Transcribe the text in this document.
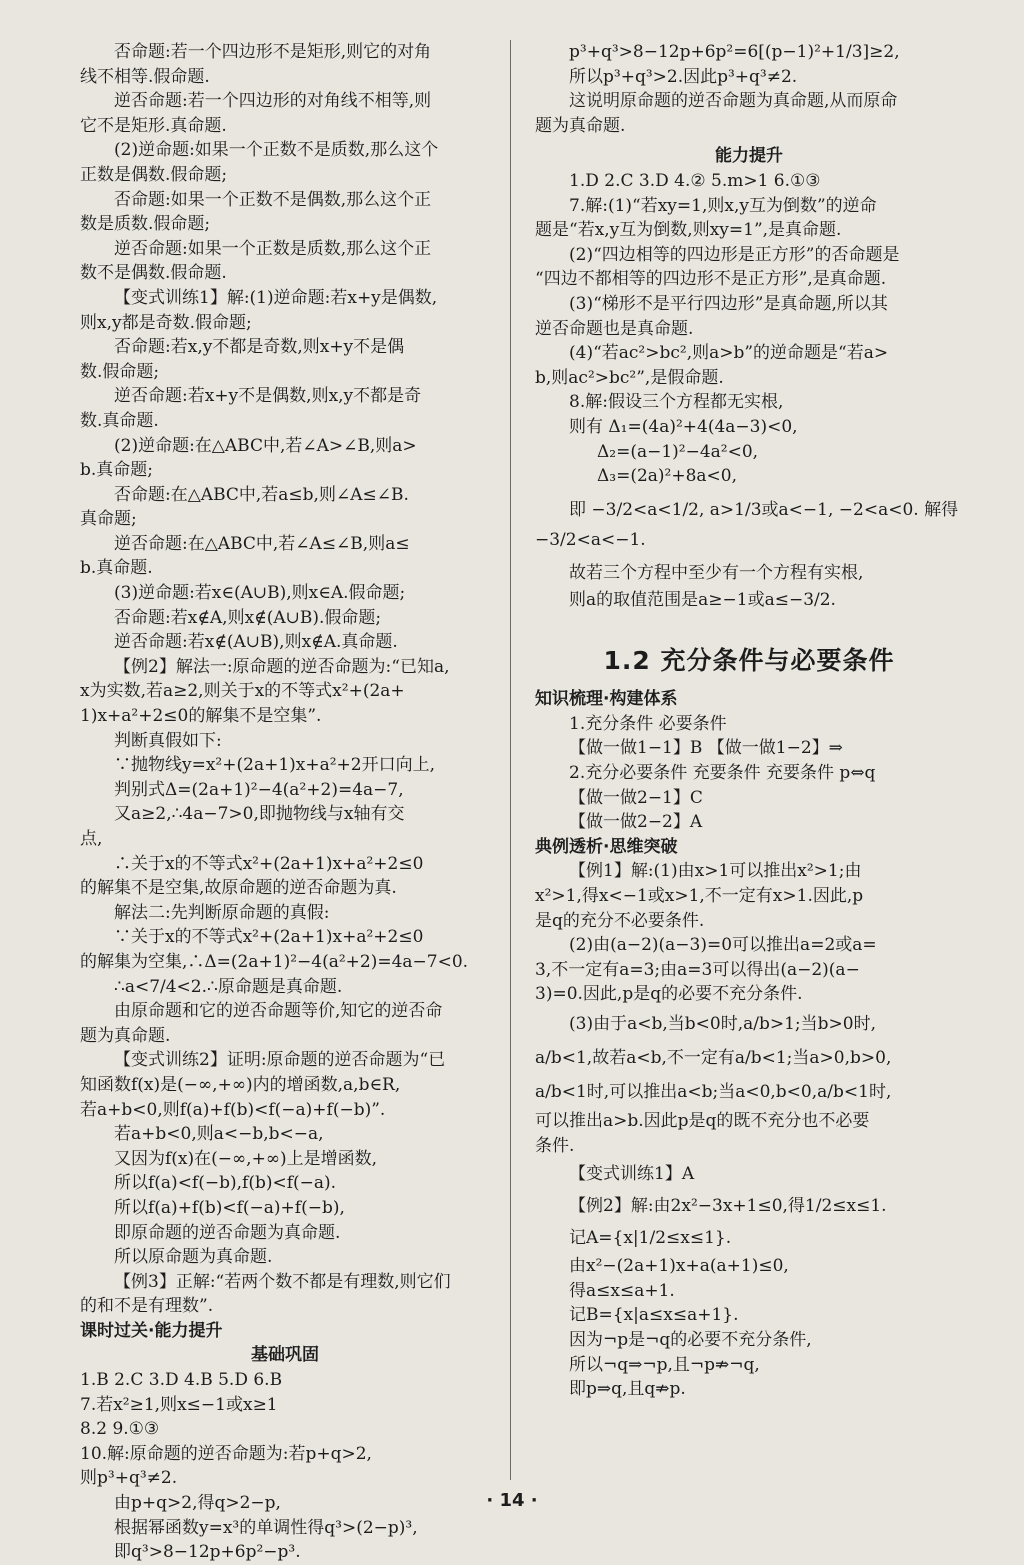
否命题:若一个四边形不是矩形,则它的对角

线不相等.假命题.

逆否命题:若一个四边形的对角线不相等,则

它不是矩形.真命题.

(2)逆命题:如果一个正数不是质数,那么这个

正数是偶数.假命题;

否命题:如果一个正数不是偶数,那么这个正

数是质数.假命题;

逆否命题:如果一个正数是质数,那么这个正

数不是偶数.假命题.

【变式训练1】解:(1)逆命题:若x+y是偶数,

则x,y都是奇数.假命题;

否命题:若x,y不都是奇数,则x+y不是偶

数.假命题;

逆否命题:若x+y不是偶数,则x,y不都是奇

数.真命题.

(2)逆命题:在△ABC中,若∠A>∠B,则a>

b.真命题;

否命题:在△ABC中,若a≤b,则∠A≤∠B.

真命题;

逆否命题:在△ABC中,若∠A≤∠B,则a≤

b.真命题.

(3)逆命题:若x∈(A∪B),则x∈A.假命题;

否命题:若x∉A,则x∉(A∪B).假命题;

逆否命题:若x∉(A∪B),则x∉A.真命题.

【例2】解法一:原命题的逆否命题为:“已知a,

x为实数,若a≥2,则关于x的不等式x²+(2a+

1)x+a²+2≤0的解集不是空集”.

判断真假如下:

∵抛物线y=x²+(2a+1)x+a²+2开口向上,

判别式Δ=(2a+1)²−4(a²+2)=4a−7,

又a≥2,∴4a−7>0,即抛物线与x轴有交

点,

∴关于x的不等式x²+(2a+1)x+a²+2≤0

的解集不是空集,故原命题的逆否命题为真.

解法二:先判断原命题的真假:

∵关于x的不等式x²+(2a+1)x+a²+2≤0

的解集为空集,∴Δ=(2a+1)²−4(a²+2)=4a−7<0.

∴a<7/4<2.∴原命题是真命题.

由原命题和它的逆否命题等价,知它的逆否命

题为真命题.

【变式训练2】证明:原命题的逆否命题为“已

知函数f(x)是(−∞,+∞)内的增函数,a,b∈R,

若a+b<0,则f(a)+f(b)<f(−a)+f(−b)”.

若a+b<0,则a<−b,b<−a,

又因为f(x)在(−∞,+∞)上是增函数,

所以f(a)<f(−b),f(b)<f(−a).

所以f(a)+f(b)<f(−a)+f(−b),

即原命题的逆否命题为真命题.

所以原命题为真命题.

【例3】正解:“若两个数不都是有理数,则它们

的和不是有理数”.

课时过关·能力提升

基础巩固

1.B 2.C 3.D 4.B 5.D 6.B

7.若x²≥1,则x≤−1或x≥1

8.2 9.①③

10.解:原命题的逆否命题为:若p+q>2,

则p³+q³≠2.

由p+q>2,得q>2−p,

根据幂函数y=x³的单调性得q³>(2−p)³,

即q³>8−12p+6p²−p³.

p³+q³>8−12p+6p²=6[(p−1)²+1/3]≥2,

所以p³+q³>2.因此p³+q³≠2.

这说明原命题的逆否命题为真命题,从而原命

题为真命题.

能力提升

1.D 2.C 3.D 4.② 5.m>1 6.①③

7.解:(1)“若xy=1,则x,y互为倒数”的逆命

题是“若x,y互为倒数,则xy=1”,是真命题.

(2)“四边相等的四边形是正方形”的否命题是

“四边不都相等的四边形不是正方形”,是真命题.

(3)“梯形不是平行四边形”是真命题,所以其

逆否命题也是真命题.

(4)“若ac²>bc²,则a>b”的逆命题是“若a>

b,则ac²>bc²”,是假命题.

8.解:假设三个方程都无实根,

则有 Δ₁=(4a)²+4(4a−3)<0,

Δ₂=(a−1)²−4a²<0,

Δ₃=(2a)²+8a<0,

即 −3/2<a<1/2, a>1/3或a<−1, −2<a<0. 解得−3/2<a<−1.

故若三个方程中至少有一个方程有实根,

则a的取值范围是a≥−1或a≤−3/2.

1.2 充分条件与必要条件

知识梳理·构建体系

1.充分条件 必要条件

【做一做1−1】B 【做一做1−2】⇒

2.充分必要条件 充要条件 充要条件 p⇔q

【做一做2−1】C

【做一做2−2】A

典例透析·思维突破

【例1】解:(1)由x>1可以推出x²>1;由

x²>1,得x<−1或x>1,不一定有x>1.因此,p

是q的充分不必要条件.

(2)由(a−2)(a−3)=0可以推出a=2或a=

3,不一定有a=3;由a=3可以得出(a−2)(a−

3)=0.因此,p是q的必要不充分条件.

(3)由于a<b,当b<0时,a/b>1;当b>0时,

a/b<1,故若a<b,不一定有a/b<1;当a>0,b>0,

a/b<1时,可以推出a<b;当a<0,b<0,a/b<1时,

可以推出a>b.因此p是q的既不充分也不必要

条件.

【变式训练1】A

【例2】解:由2x²−3x+1≤0,得1/2≤x≤1.

记A={x|1/2≤x≤1}.

由x²−(2a+1)x+a(a+1)≤0,

得a≤x≤a+1.

记B={x|a≤x≤a+1}.

因为¬p是¬q的必要不充分条件,

所以¬q⇒¬p,且¬p⇏¬q,

即p⇒q,且q⇏p.

· 14 ·
